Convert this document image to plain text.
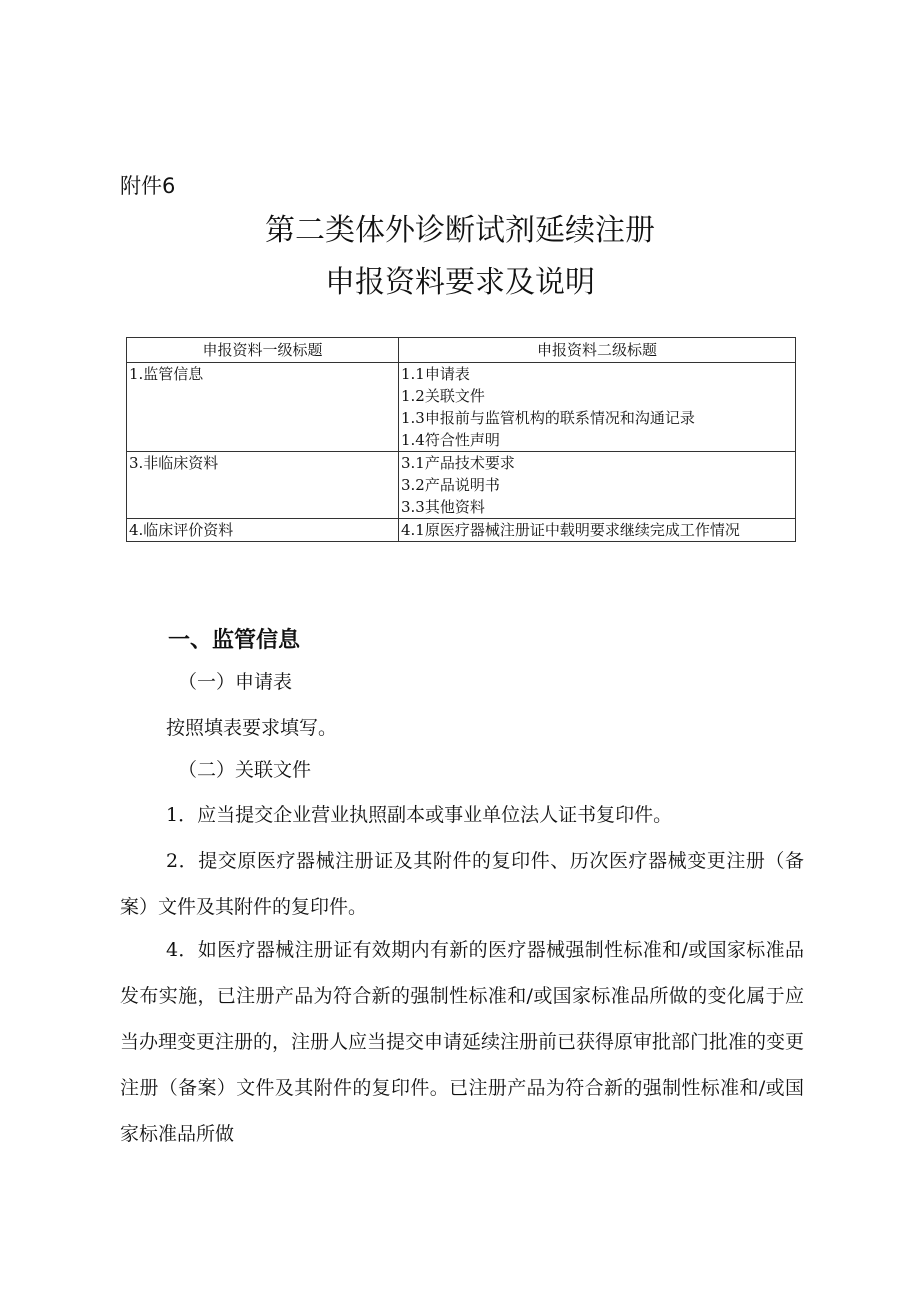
附件6
第二类体外诊断试剂延续注册
申报资料要求及说明
申报资料一级标题	申报资料二级标题
1.监管信息	1.1申请表
1.2关联文件
1.3申报前与监管机构的联系情况和沟通记录
1.4符合性声明

3.非临床资料	3.1产品技术要求
3.2产品说明书
3.3其他资料

4.临床评价资料	4.1原医疗器械注册证中载明要求继续完成工作情况
一、监管信息
（一）申请表
按照填表要求填写。
（二）关联文件
1．应当提交企业营业执照副本或事业单位法人证书复印件。
2．提交原医疗器械注册证及其附件的复印件、历次医疗器械变更注册（备案）文件及其附件的复印件。
4．如医疗器械注册证有效期内有新的医疗器械强制性标准和/或国家标准品发布实施，已注册产品为符合新的强制性标准和/或国家标准品所做的变化属于应当办理变更注册的，注册人应当提交申请延续注册前已获得原审批部门批准的变更注册（备案）文件及其附件的复印件。已注册产品为符合新的强制性标准和/或国家标准品所做
